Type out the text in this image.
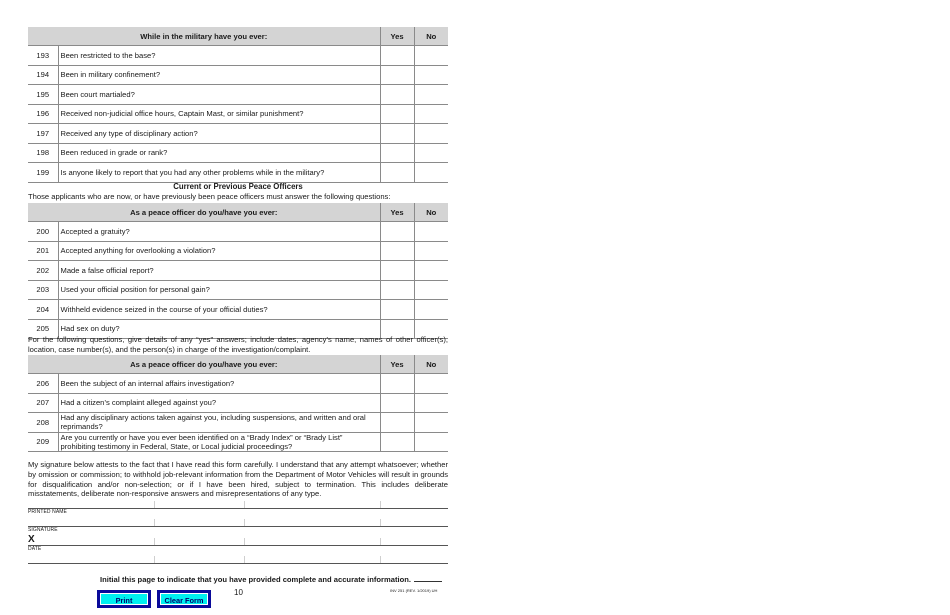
While in the military have you ever:		Yes	No
193	Been restricted to the base?		
194	Been in military confinement?		
195	Been court martialed?		
196	Received non-judicial office hours, Captain Mast, or similar punishment?		
197	Received any type of disciplinary action?		
198	Been reduced in grade or rank?		
199	Is anyone likely to report that you had any other problems while in the military?		
Current or Previous Peace Officers
Those applicants who are now, or have previously been peace officers must answer the following questions:
As a peace officer do you/have you ever:		Yes	No
200	Accepted a gratuity?		
201	Accepted anything for overlooking a violation?		
202	Made a false official report?		
203	Used your official position for personal gain?		
204	Withheld evidence seized in the course of your official duties?		
205	Had sex on duty?		
For the following questions, give details of any “yes” answers; include dates, agency’s name, names of other officer(s), location, case number(s), and the person(s) in charge of the investigation/complaint.
As a peace officer do you/have you ever:		Yes	No
206	Been the subject of an internal affairs investigation?		
207	Had a citizen’s complaint alleged against you?		
208	Had any disciplinary actions taken against you, including suspensions, and written and oral reprimands?		
209	Are you currently or have you ever been identified on a “Brady Index” or “Brady List” prohibiting testimony in Federal, State, or Local judicial proceedings?		
My signature below attests to the fact that I have read this form carefully. I understand that any attempt whatsoever; whether by omission or commission; to withhold job-relevant information from the Department of Motor Vehicles will result in grounds for disqualification and/or non-selection; or if I have been hired, subject to termination. This includes deliberate misstatements, deliberate non-responsive answers and misrepresentations of any type.
PRINTED NAME
SIGNATURE
X
DATE
Initial this page to indicate that you have provided complete and accurate information.
Print	Clear Form
10	INV 251 (REV. 1/2019) UH
